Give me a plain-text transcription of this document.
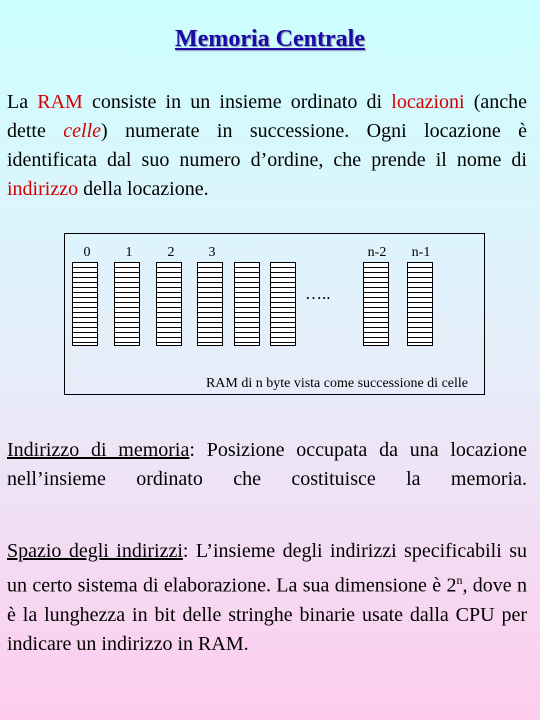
Memoria Centrale
La RAM consiste in un insieme ordinato di locazioni (anche dette celle) numerate in successione. Ogni locazione è identificata dal suo numero d’ordine, che prende il nome di indirizzo della locazione.
0	1	2	3	n-2	n-1
…..
RAM di n byte vista come successione di celle
Indirizzo di memoria: Posizione occupata da una locazione nell’insieme ordinato che costituisce la memoria.
Spazio degli indirizzi: L’insieme degli indirizzi specificabili su un certo sistema di elaborazione. La sua dimensione è 2$^n$, dove n è la lunghezza in bit delle stringhe binarie usate dalla CPU per indicare un indirizzo in RAM.
